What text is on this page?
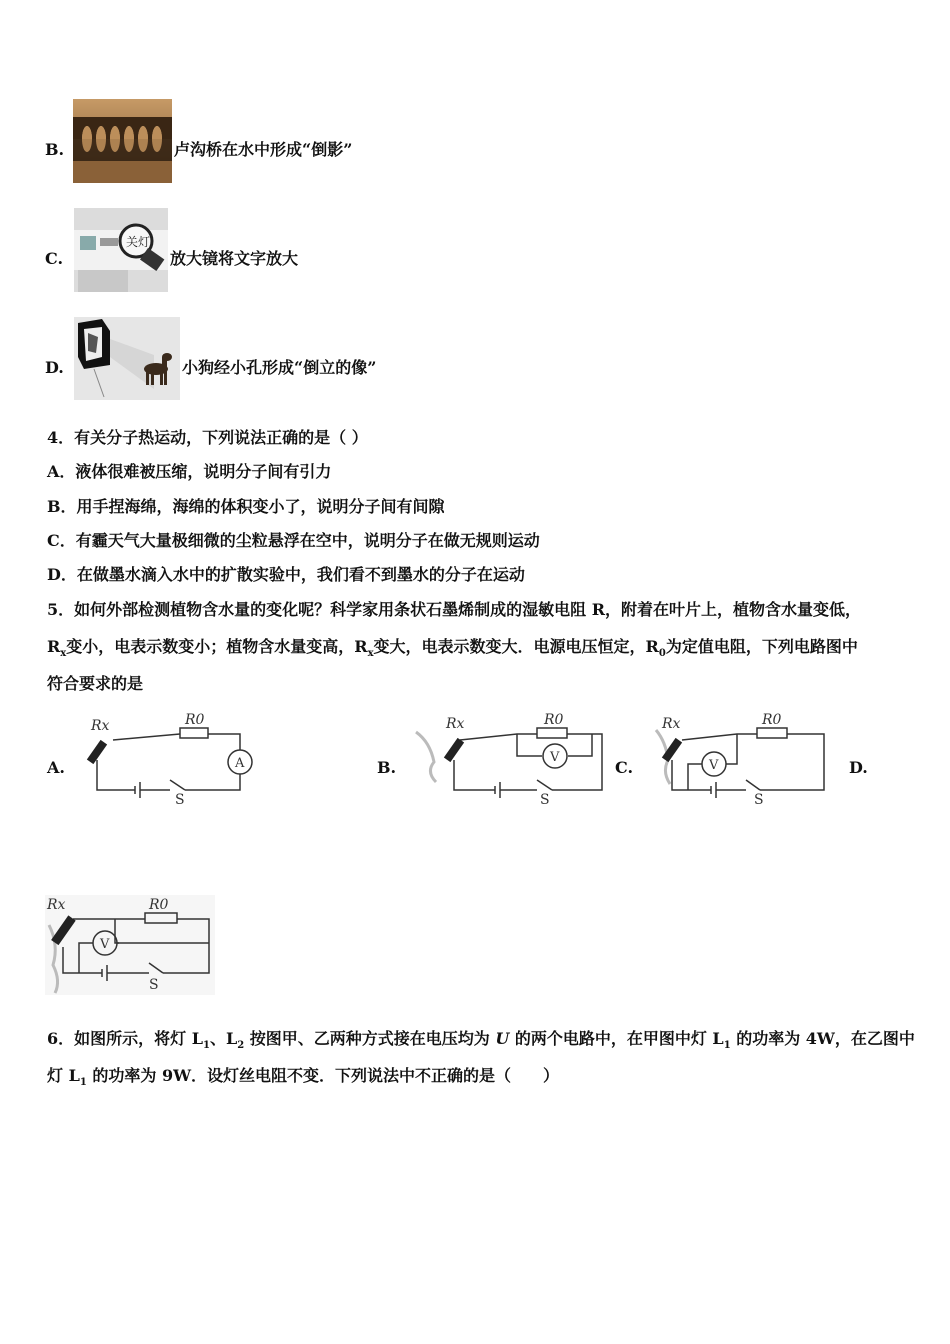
B.	卢沟桥在水中形成“倒影”
C.
关灯
放大镜将文字放大
D.	小狗经小孔形成“倒立的像”
4．有关分子热运动，下列说法正确的是（ ）
A．液体很难被压缩，说明分子间有引力
B．用手捏海绵，海绵的体积变小了，说明分子间有间隙
C．有霾天气大量极细微的尘粒悬浮在空中，说明分子在做无规则运动
D．在做墨水滴入水中的扩散实验中，我们看不到墨水的分子在运动
5．如何外部检测植物含水量的变化呢？科学家用条状石墨烯制成的湿敏电阻 R，附着在叶片上，植物含水量变低，
$R_x$变小，电表示数变小；植物含水量变高，$R_x$变大，电表示数变大．电源电压恒定，$R_0$为定值电阻，下列电路图中
符合要求的是
A.	B.	C.	D.
Rx	R0
A
S
Rx	R0
V
S
Rx	R0
V
S
Rx	R0
V
S
6．如图所示，将灯 $L_1$、$L_2$ 按图甲、乙两种方式接在电压均为 U 的两个电路中，在甲图中灯 $L_1$ 的功率为 4W，在乙图中
灯 $L_1$ 的功率为 9W．设灯丝电阻不变．下列说法中不正确的是（　　）
